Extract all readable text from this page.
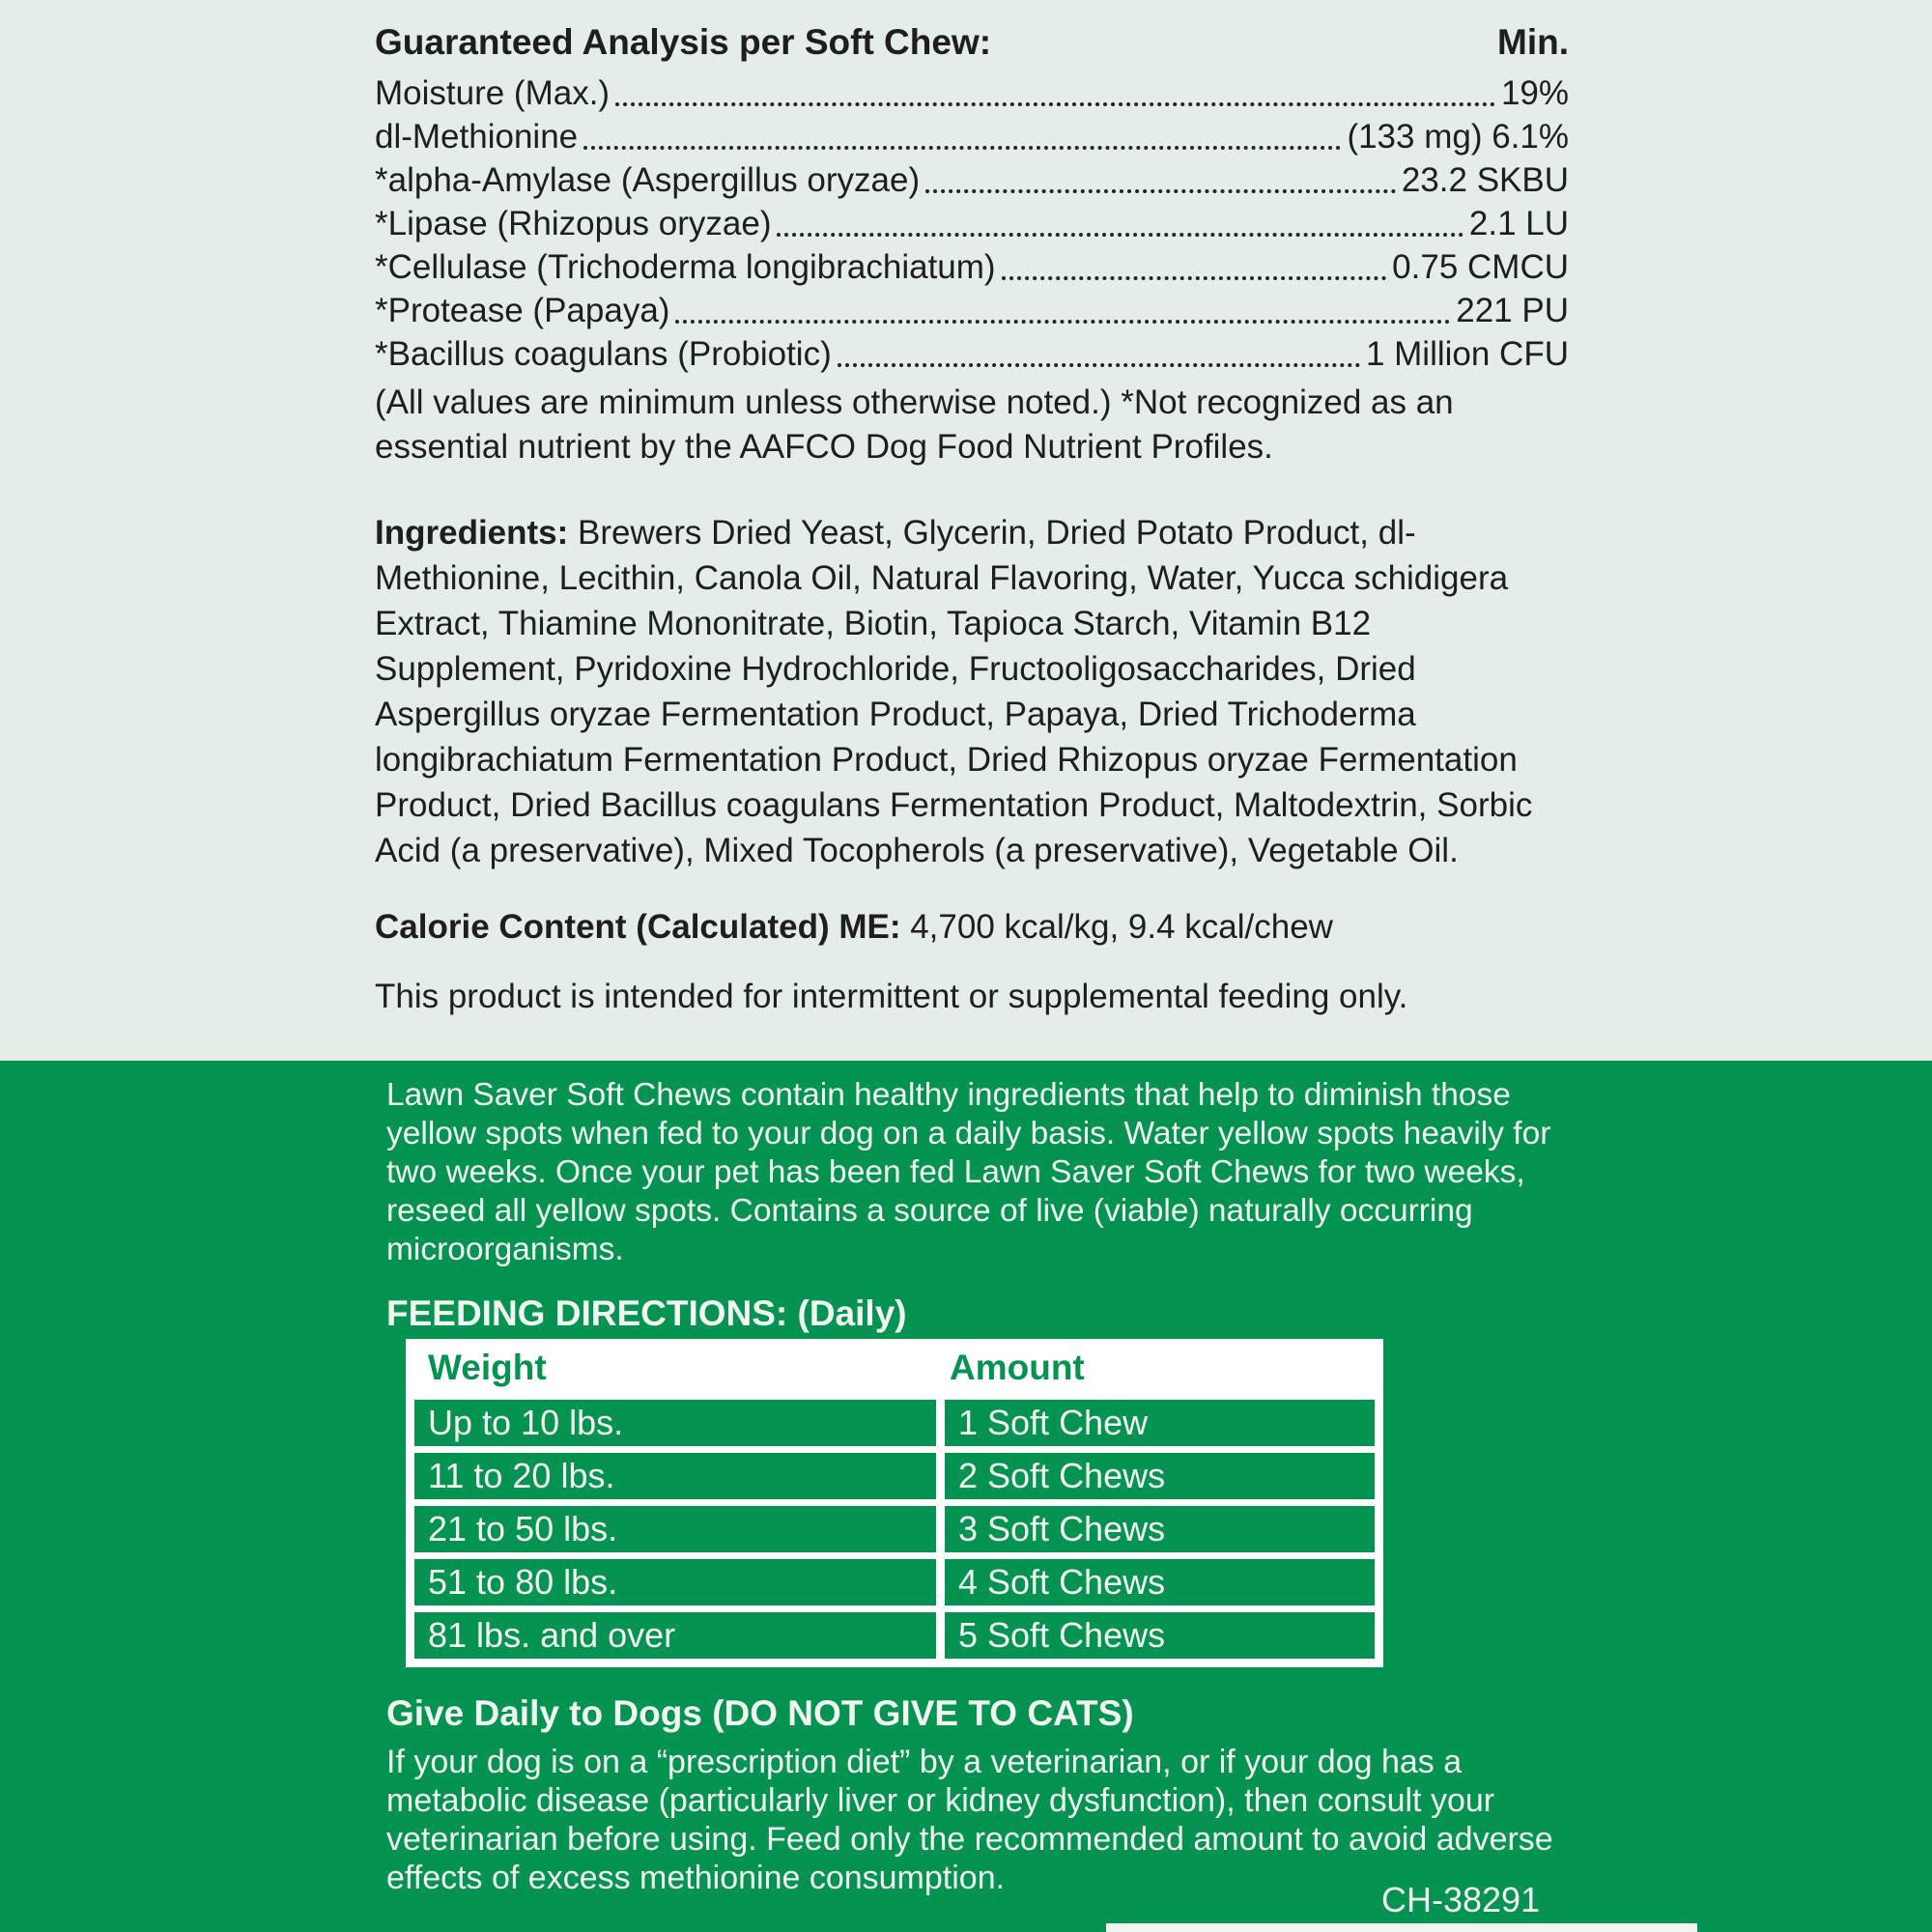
Guaranteed Analysis per Soft Chew:	Min.
Moisture (Max.)	19%
dl-Methionine	(133 mg) 6.1%
*alpha-Amylase (Aspergillus oryzae)	23.2 SKBU
*Lipase (Rhizopus oryzae)	2.1 LU
*Cellulase (Trichoderma longibrachiatum)	0.75 CMCU
*Protease (Papaya)	221 PU
*Bacillus coagulans (Probiotic)	1 Million CFU
(All values are minimum unless otherwise noted.) *Not recognized as an essential nutrient by the AAFCO Dog Food Nutrient Profiles.
Ingredients: Brewers Dried Yeast, Glycerin, Dried Potato Product, dl-Methionine, Lecithin, Canola Oil, Natural Flavoring, Water, Yucca schidigera Extract, Thiamine Mononitrate, Biotin, Tapioca Starch, Vitamin B12 Supplement, Pyridoxine Hydrochloride, Fructooligosaccharides, Dried Aspergillus oryzae Fermentation Product, Papaya, Dried Trichoderma longibrachiatum Fermentation Product, Dried Rhizopus oryzae Fermentation Product, Dried Bacillus coagulans Fermentation Product, Maltodextrin, Sorbic Acid (a preservative), Mixed Tocopherols (a preservative), Vegetable Oil.
Calorie Content (Calculated) ME: 4,700 kcal/kg, 9.4 kcal/chew
This product is intended for intermittent or supplemental feeding only.
Lawn Saver Soft Chews contain healthy ingredients that help to diminish those yellow spots when fed to your dog on a daily basis. Water yellow spots heavily for two weeks. Once your pet has been fed Lawn Saver Soft Chews for two weeks, reseed all yellow spots. Contains a source of live (viable) naturally occurring microorganisms.
FEEDING DIRECTIONS: (Daily)
Weight	Amount
Up to 10 lbs.	1 Soft Chew
11 to 20 lbs.	2 Soft Chews
21 to 50 lbs.	3 Soft Chews
51 to 80 lbs.	4 Soft Chews
81 lbs. and over	5 Soft Chews
Give Daily to Dogs (DO NOT GIVE TO CATS)
If your dog is on a “prescription diet” by a veterinarian, or if your dog has a metabolic disease (particularly liver or kidney dysfunction), then consult your veterinarian before using. Feed only the recommended amount to avoid adverse effects of excess methionine consumption.
CH-38291
